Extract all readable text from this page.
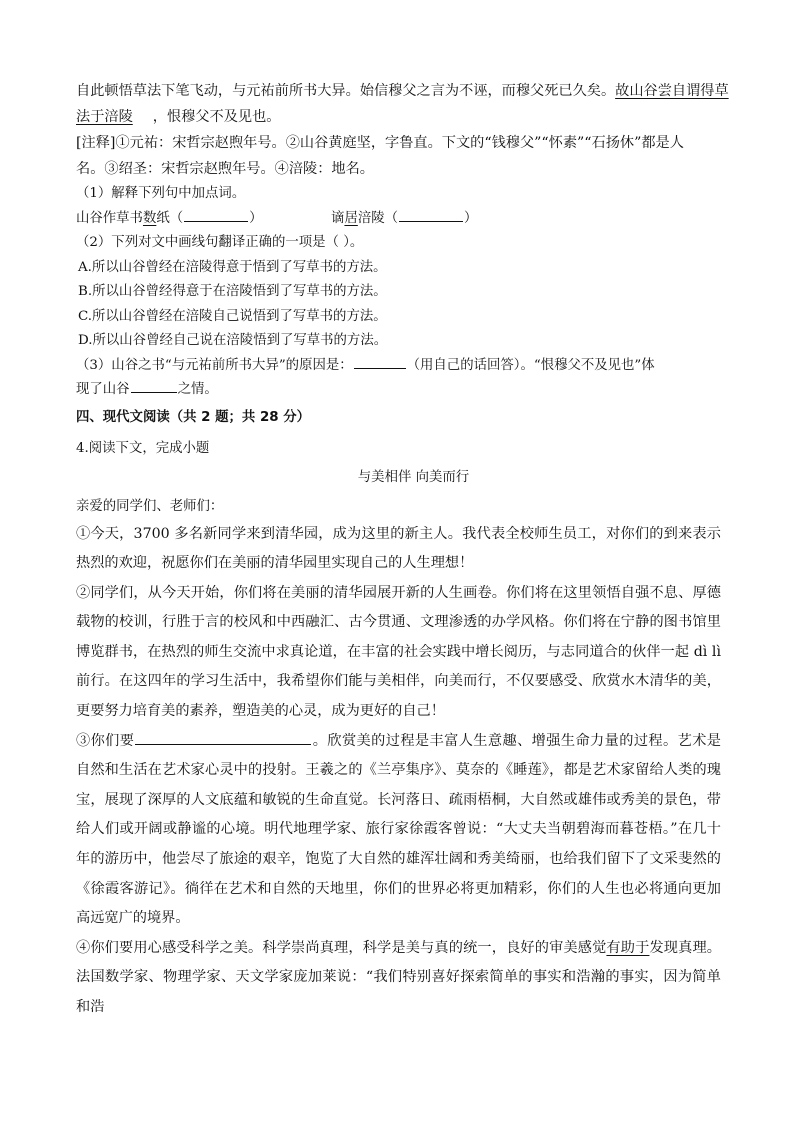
自此顿悟草法下笔飞动，与元祐前所书大异。始信穆父之言为不诬，而穆父死已久矣。故山谷尝自谓得草
法于涪陵 ，恨穆父不及见也。
[注释]①元祐：宋哲宗赵煦年号。②山谷黄庭坚，字鲁直。下文的“钱穆父”“怀素”“石扬休”都是人
名。③绍圣：宋哲宗赵煦年号。④涪陵：地名。
（1）解释下列句中加点词。
山谷作草书数纸（	）	谪居涪陵（	）
（2）下列对文中画线句翻译正确的一项是（ ）。
A.所以山谷曾经在涪陵得意于悟到了写草书的方法。
B.所以山谷曾经得意于在涪陵悟到了写草书的方法。
C.所以山谷曾经在涪陵自己说悟到了写草书的方法。
D.所以山谷曾经自己说在涪陵悟到了写草书的方法。
（3）山谷之书“与元祐前所书大异”的原因是：	（用自己的话回答）。“恨穆父不及见也”体
现了山谷	之情。
四、现代文阅读（共 2 题；共 28 分）
4.阅读下文，完成小题
与美相伴 向美而行
亲爱的同学们、老师们：
①今天，3700 多名新同学来到清华园，成为这里的新主人。我代表全校师生员工，对你们的到来表示热烈的欢迎，祝愿你们在美丽的清华园里实现自己的人生理想！
②同学们，从今天开始，你们将在美丽的清华园展开新的人生画卷。你们将在这里领悟自强不息、厚德载物的校训，行胜于言的校风和中西融汇、古今贯通、文理渗透的办学风格。你们将在宁静的图书馆里博览群书，在热烈的师生交流中求真论道，在丰富的社会实践中增长阅历，与志同道合的伙伴一起 dì lì 前行。在这四年的学习生活中，我希望你们能与美相伴，向美而行，不仅要感受、欣赏水木清华的美，更要努力培育美的素养，塑造美的心灵，成为更好的自己！
③你们要	。欣赏美的过程是丰富人生意趣、增强生命力量的过程。艺术是自然和生活在艺术家心灵中的投射。王羲之的《兰亭集序》、莫奈的《睡莲》，都是艺术家留给人类的瑰宝，展现了深厚的人文底蕴和敏锐的生命直觉。长河落日、疏雨梧桐，大自然或雄伟或秀美的景色，带给人们或开阔或静谧的心境。明代地理学家、旅行家徐霞客曾说：“大丈夫当朝碧海而暮苍梧。”在几十年的游历中，他尝尽了旅途的艰辛，饱览了大自然的雄浑壮阔和秀美绮丽，也给我们留下了文采斐然的《徐霞客游记》。徜徉在艺术和自然的天地里，你们的世界必将更加精彩，你们的人生也必将通向更加高远宽广的境界。
④你们要用心感受科学之美。科学崇尚真理，科学是美与真的统一，良好的审美感觉有助于发现真理。法国数学家、物理学家、天文学家庞加莱说：“我们特别喜好探索简单的事实和浩瀚的事实，因为简单和浩
